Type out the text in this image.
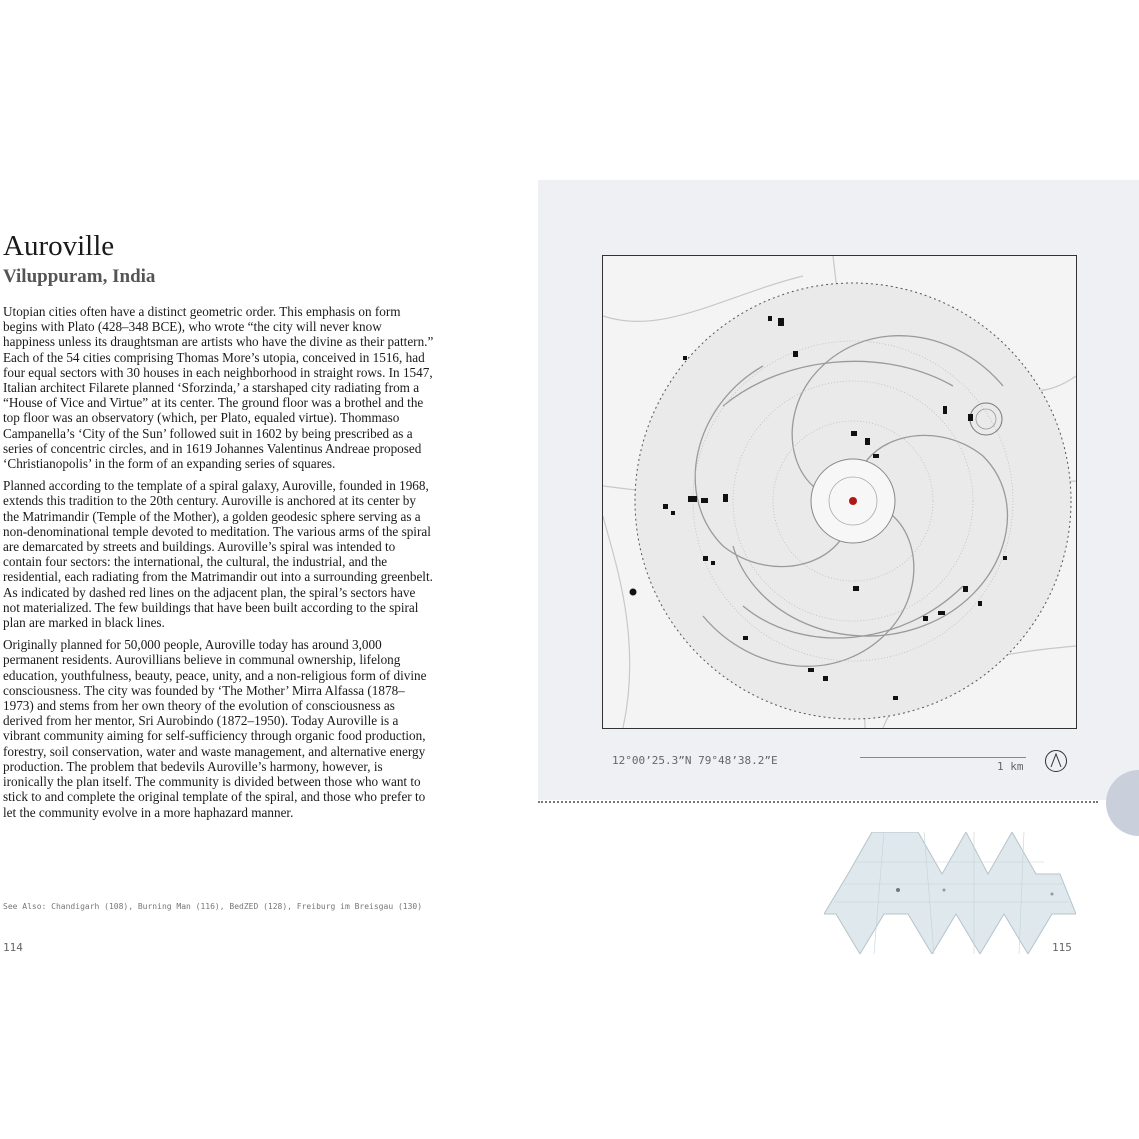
Auroville
Viluppuram, India

Utopian cities often have a distinct geometric order. This emphasis on form begins with Plato (428–348 BCE), who wrote “the city will never know happiness unless its draughtsman are artists who have the divine as their pattern.” Each of the 54 cities comprising Thomas More’s utopia, conceived in 1516, had four equal sectors with 30 houses in each neighborhood in straight rows. In 1547, Italian architect Filarete planned ‘Sforzinda,’ a starshaped city radiating from a “House of Vice and Virtue” at its center. The ground floor was a brothel and the top floor was an observatory (which, per Plato, equaled virtue). Thommaso Campanella’s ‘City of the Sun’ followed suit in 1602 by being prescribed as a series of concentric circles, and in 1619 Johannes Valentinus Andreae proposed ‘Christianopolis’ in the form of an expanding series of squares.

Planned according to the template of a spiral galaxy, Auroville, founded in 1968, extends this tradition to the 20th century. Auroville is anchored at its center by the Matrimandir (Temple of the Mother), a golden geodesic sphere serving as a non-denominational temple devoted to meditation. The various arms of the spiral are demarcated by streets and buildings. Auroville’s spiral was intended to contain four sectors: the international, the cultural, the industrial, and the residential, each radiating from the Matrimandir out into a surrounding greenbelt. As indicated by dashed red lines on the adjacent plan, the spiral’s sectors have not materialized. The few buildings that have been built according to the spiral plan are marked in black lines.

Originally planned for 50,000 people, Auroville today has around 3,000 permanent residents. Aurovillians believe in communal ownership, lifelong education, youthfulness, beauty, peace, unity, and a non-religious form of divine consciousness. The city was founded by ‘The Mother’ Mirra Alfassa (1878–1973) and stems from her own theory of the evolution of consciousness as derived from her mentor, Sri Aurobindo (1872–1950). Today Auroville is a vibrant community aiming for self-sufficiency through organic food production, forestry, soil conservation, water and waste management, and alternative energy production. The problem that bedevils Auroville’s harmony, however, is ironically the plan itself. The community is divided between those who want to stick to and complete the original template of the spiral, and those who prefer to let the community evolve in a more haphazard manner.

See Also: Chandigarh (108), Burning Man (116), BedZED (128), Freiburg im Breisgau (130)
114
12°00’25.3”N 79°48’38.2”E	1 km
115
